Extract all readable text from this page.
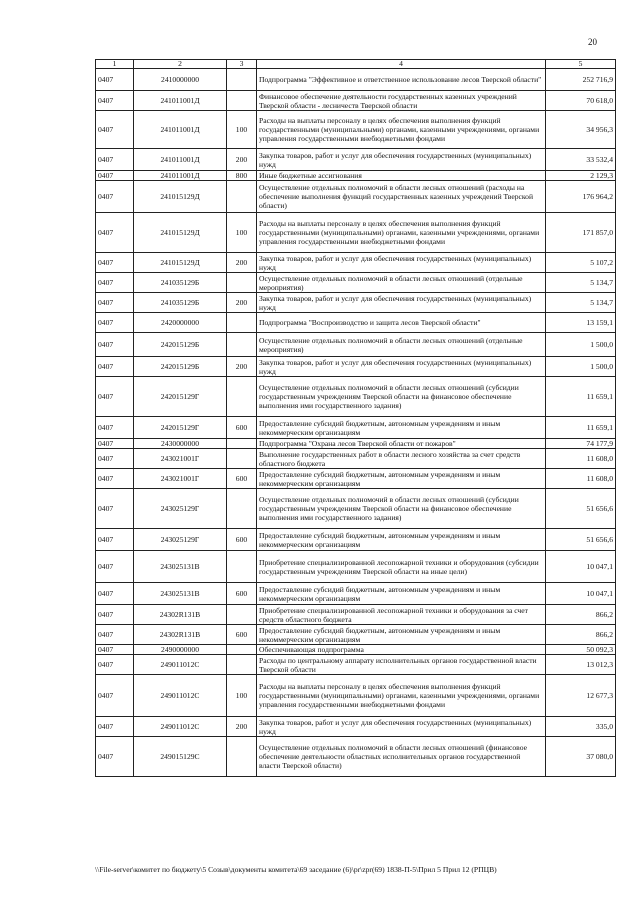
20
1	2	3	4	5
0407	2410000000		Подпрограмма "Эффективное и ответственное использование лесов Тверской области"	252 716,9
0407	241011001Д		Финансовое обеспечение деятельности государственных казенных учреждений Тверской области - лесничеств Тверской области	70 618,0
0407	241011001Д	100	Расходы на выплаты персоналу в целях обеспечения выполнения функций государственными (муниципальными) органами, казенными учреждениями, органами управления государственными внебюджетными фондами	34 956,3
0407	241011001Д	200	Закупка товаров, работ и услуг для обеспечения государственных (муниципальных) нужд	33 532,4
0407	241011001Д	800	Иные бюджетные ассигнования	2 129,3
0407	241015129Д		Осуществление отдельных полномочий в области лесных отношений (расходы на обеспечение выполнения функций государственных казенных учреждений Тверской области)	176 964,2
0407	241015129Д	100	Расходы на выплаты персоналу в целях обеспечения выполнения функций государственными (муниципальными) органами, казенными учреждениями, органами управления государственными внебюджетными фондами	171 857,0
0407	241015129Д	200	Закупка товаров, работ и услуг для обеспечения государственных (муниципальных) нужд	5 107,2
0407	241035129Б		Осуществление отдельных полномочий в области лесных отношений (отдельные мероприятия)	5 134,7
0407	241035129Б	200	Закупка товаров, работ и услуг для обеспечения государственных (муниципальных) нужд	5 134,7
0407	2420000000		Подпрограмма "Воспроизводство и защита лесов Тверской области"	13 159,1
0407	242015129Б		Осуществление отдельных полномочий в области лесных отношений (отдельные мероприятия)	1 500,0
0407	242015129Б	200	Закупка товаров, работ и услуг для обеспечения государственных (муниципальных) нужд	1 500,0
0407	242015129Г		Осуществление отдельных полномочий в области лесных отношений (субсидии государственным учреждениям Тверской области на финансовое обеспечение выполнения ими государственного задания)	11 659,1
0407	242015129Г	600	Предоставление субсидий бюджетным, автономным учреждениям и иным некоммерческим организациям	11 659,1
0407	2430000000		Подпрограмма "Охрана лесов Тверской области от пожаров"	74 177,9
0407	243021001Г		Выполнение государственных работ в области лесного хозяйства за счет средств областного бюджета	11 608,0
0407	243021001Г	600	Предоставление субсидий бюджетным, автономным учреждениям и иным некоммерческим организациям	11 608,0
0407	243025129Г		Осуществление отдельных полномочий в области лесных отношений (субсидии государственным учреждениям Тверской области на финансовое обеспечение выполнения ими государственного задания)	51 656,6
0407	243025129Г	600	Предоставление субсидий бюджетным, автономным учреждениям и иным некоммерческим организациям	51 656,6
0407	243025131В		Приобретение специализированной лесопожарной техники и оборудования (субсидии государственным учреждениям Тверской области на иные цели)	10 047,1
0407	243025131В	600	Предоставление субсидий бюджетным, автономным учреждениям и иным некоммерческим организациям	10 047,1
0407	24302R131В		Приобретение специализированной лесопожарной техники и оборудования за счет средств областного бюджета	866,2
0407	24302R131В	600	Предоставление субсидий бюджетным, автономным учреждениям и иным некоммерческим организациям	866,2
0407	2490000000		Обеспечивающая подпрограмма	50 092,3
0407	249011012С		Расходы по центральному аппарату исполнительных органов государственной власти Тверской области	13 012,3
0407	249011012С	100	Расходы на выплаты персоналу в целях обеспечения выполнения функций государственными (муниципальными) органами, казенными учреждениями, органами управления государственными внебюджетными фондами	12 677,3
0407	249011012С	200	Закупка товаров, работ и услуг для обеспечения государственных (муниципальных) нужд	335,0
0407	249015129С		Осуществление отдельных полномочий в области лесных отношений (финансовое обеспечение деятельности областных исполнительных органов государственной власти Тверской области)	37 080,0
\\File-server\комитет по бюджету\5 Созыв\документы комитета\69 заседание (6)\pr\zpr(69) 1838-П-5\Прил 5 Прил 12 (РПЦВ)
